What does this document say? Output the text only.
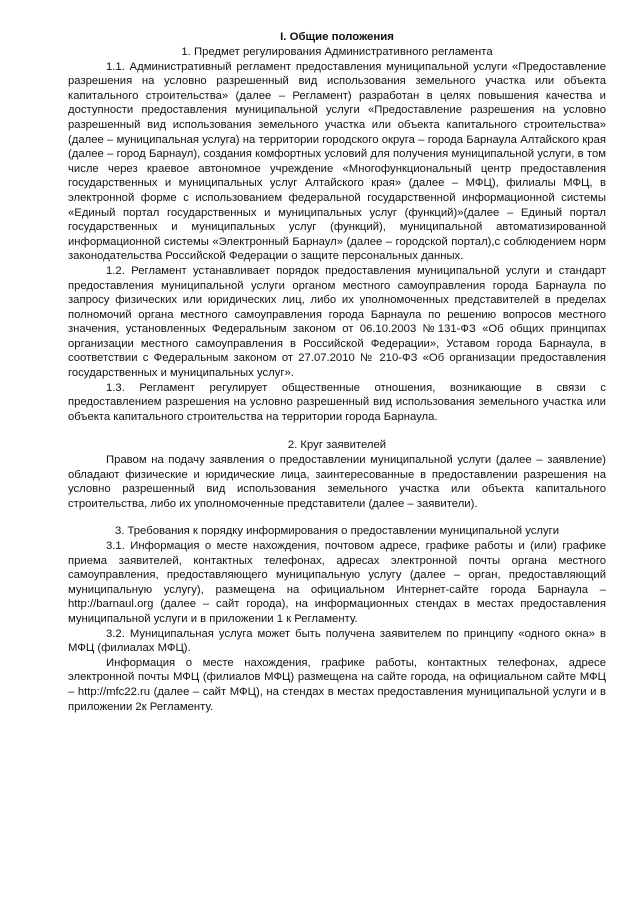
I. Общие положения

1. Предмет регулирования Административного регламента

1.1. Административный регламент предоставления муниципальной услуги «Предоставление разрешения на условно разрешенный вид использования земельного участка или объекта капитального строительства» (далее – Регламент) разработан в целях повышения качества и доступности предоставления муниципальной услуги «Предоставление разрешения на условно разрешенный вид использования земельного участка или объекта капитального строительства» (далее – муниципальная услуга) на территории городского округа – города Барнаула Алтайского края (далее – город Барнаул), создания комфортных условий для получения муниципальной услуги, в том числе через краевое автономное учреждение «Многофункциональный центр предоставления государственных и муниципальных услуг Алтайского края» (далее – МФЦ), филиалы МФЦ, в электронной форме с использованием федеральной государственной информационной системы «Единый портал государственных и муниципальных услуг (функций)»(далее – Единый портал государственных и муниципальных услуг (функций), муниципальной автоматизированной информационной системы «Электронный Барнаул» (далее – городской портал),с соблюдением норм законодательства Российской Федерации о защите персональных данных.

1.2. Регламент устанавливает порядок предоставления муниципальной услуги и стандарт предоставления муниципальной услуги органом местного самоуправления города Барнаула по запросу физических или юридических лиц, либо их уполномоченных представителей в пределах полномочий органа местного самоуправления города Барнаула по решению вопросов местного значения, установленных Федеральным законом от 06.10.2003 №131-ФЗ «Об общих принципах организации местного самоуправления в Российской Федерации», Уставом города Барнаула, в соответствии с Федеральным законом от 27.07.2010 № 210-ФЗ «Об организации предоставления государственных и муниципальных услуг».

1.3. Регламент регулирует общественные отношения, возникающие в связи с предоставлением разрешения на условно разрешенный вид использования земельного участка или объекта капитального строительства на территории города Барнаула.

2. Круг заявителей

Правом на подачу заявления о предоставлении муниципальной услуги (далее – заявление) обладают физические и юридические лица, заинтересованные в предоставлении разрешения на условно разрешенный вид использования земельного участка или объекта капитального строительства, либо их уполномоченные представители (далее – заявители).

3. Требования к порядку информирования о предоставлении муниципальной услуги

3.1. Информация о месте нахождения, почтовом адресе, графике работы и (или) графике приема заявителей, контактных телефонах, адресах электронной почты органа местного самоуправления, предоставляющего муниципальную услугу (далее – орган, предоставляющий муниципальную услугу), размещена на официальном Интернет-сайте города Барнаула –http://barnaul.org (далее – сайт города), на информационных стендах в местах предоставления муниципальной услуги и в приложении 1 к Регламенту.

3.2. Муниципальная услуга может быть получена заявителем по принципу «одного окна» в МФЦ (филиалах МФЦ).

Информация о месте нахождения, графике работы, контактных телефонах, адресе электронной почты МФЦ (филиалов МФЦ) размещена на сайте города, на официальном сайте МФЦ – http://mfc22.ru (далее – сайт МФЦ), на стендах в местах предоставления муниципальной услуги и в приложении 2к Регламенту.
